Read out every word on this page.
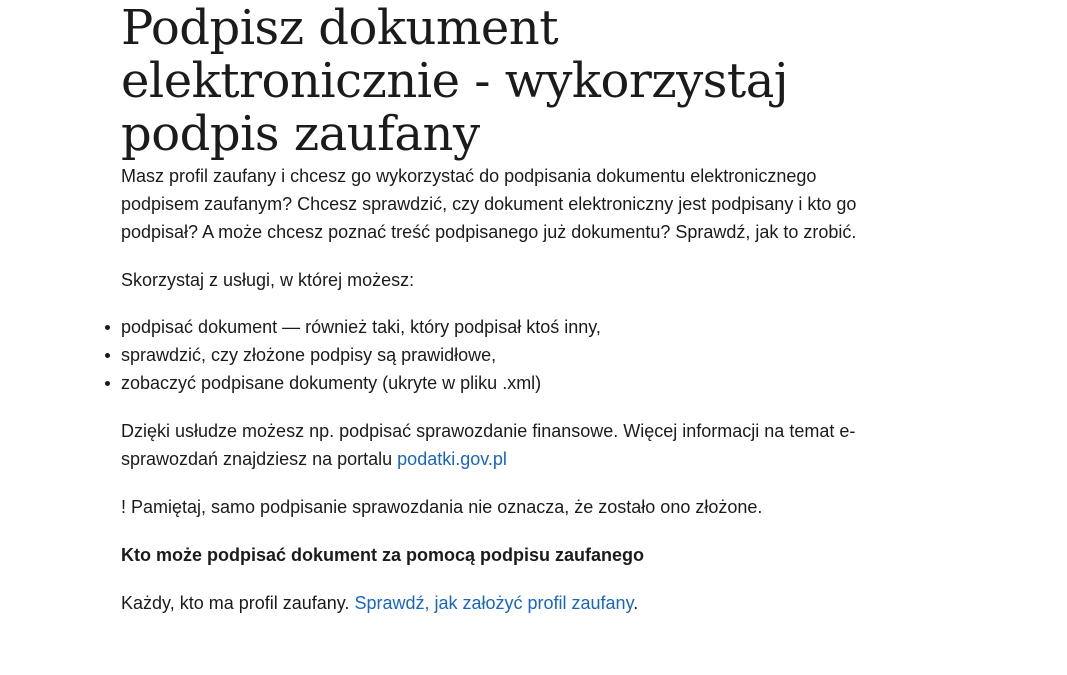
Podpisz dokument elektronicznie - wykorzystaj podpis zaufany

Masz profil zaufany i chcesz go wykorzystać do podpisania dokumentu elektronicznego podpisem zaufanym? Chcesz sprawdzić, czy dokument elektroniczny jest podpisany i kto go podpisał? A może chcesz poznać treść podpisanego już dokumentu? Sprawdź, jak to zrobić.

Skorzystaj z usługi, w której możesz:

podpisać dokument — również taki, który podpisał ktoś inny,
sprawdzić, czy złożone podpisy są prawidłowe,
zobaczyć podpisane dokumenty (ukryte w pliku .xml)

Dzięki usłudze możesz np. podpisać sprawozdanie finansowe. Więcej informacji na temat e-sprawozdań znajdziesz na portalu podatki.gov.pl

! Pamiętaj, samo podpisanie sprawozdania nie oznacza, że zostało ono złożone.

Kto może podpisać dokument za pomocą podpisu zaufanego

Każdy, kto ma profil zaufany. Sprawdź, jak założyć profil zaufany.
